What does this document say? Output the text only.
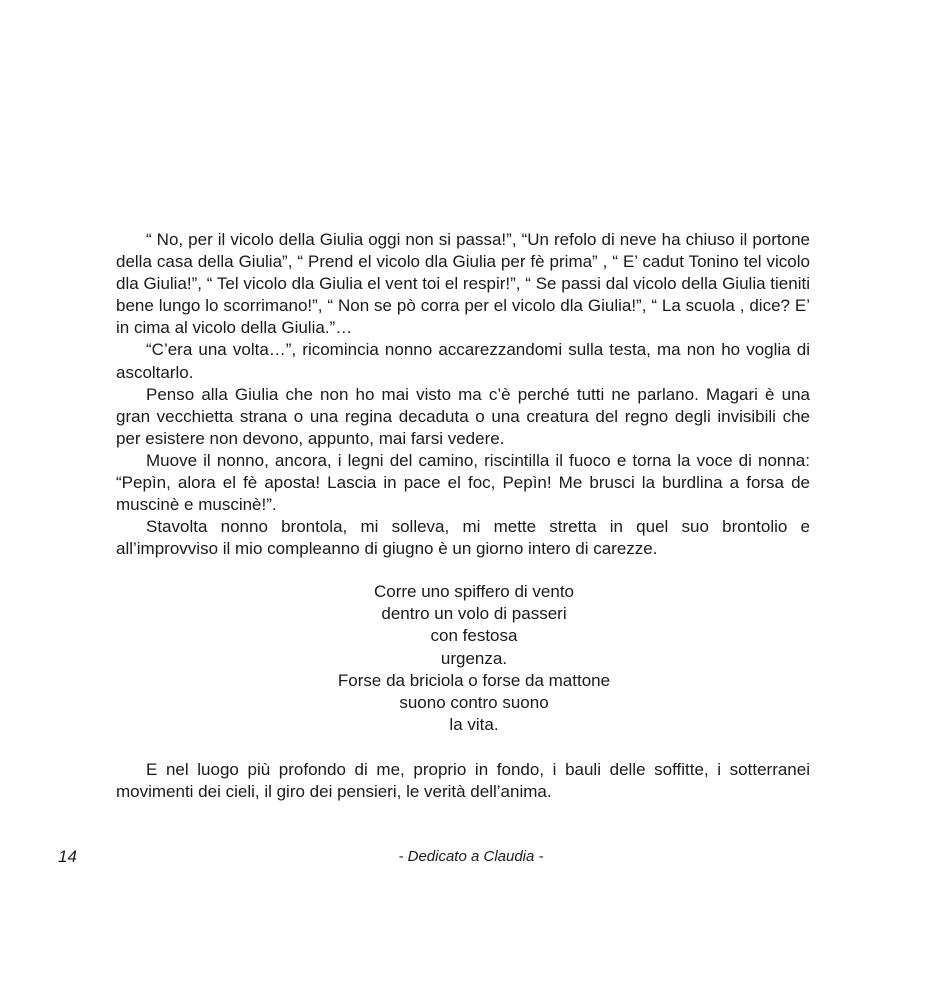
“ No, per il vicolo della Giulia oggi non si passa!”, “Un refolo di neve ha chiuso il portone della casa della Giulia”, “ Prend el vicolo dla Giulia per fè prima” , “ E’ cadut Tonino tel vicolo dla Giulia!”, “ Tel vicolo dla Giulia el vent toi el respir!”, “ Se passi dal vicolo della Giulia tieniti bene lungo lo scorrimano!”, “ Non se pò corra per el vicolo dla Giulia!”, “ La scuola , dice? E’ in cima al vicolo della Giulia.”…

“C’era una volta…”, ricomincia nonno accarezzandomi sulla testa, ma non ho voglia di ascoltarlo.

Penso alla Giulia che non ho mai visto ma c’è perché tutti ne parlano. Magari è una gran vecchietta strana o una regina decaduta o una creatura del regno degli invisibili che per esistere non devono, appunto, mai farsi vedere.

Muove il nonno, ancora, i legni del camino, riscintilla il fuoco e torna la voce di nonna: “Pepìn, alora el fè aposta! Lascia in pace el foc, Pepìn! Me brusci la burdlina a forsa de muscinè e muscinè!”.

Stavolta nonno brontola, mi solleva, mi mette stretta in quel suo brontolio e all’improvviso il mio compleanno di giugno è un giorno intero di carezze.

Corre uno spiffero di vento
dentro un volo di passeri
con festosa
urgenza.
Forse da briciola o forse da mattone
suono contro suono
la vita.

E nel luogo più profondo di me, proprio in fondo, i bauli delle soffitte, i sotterranei movimenti dei cieli, il giro dei pensieri, le verità dell’anima.

14	- Dedicato a Claudia -
